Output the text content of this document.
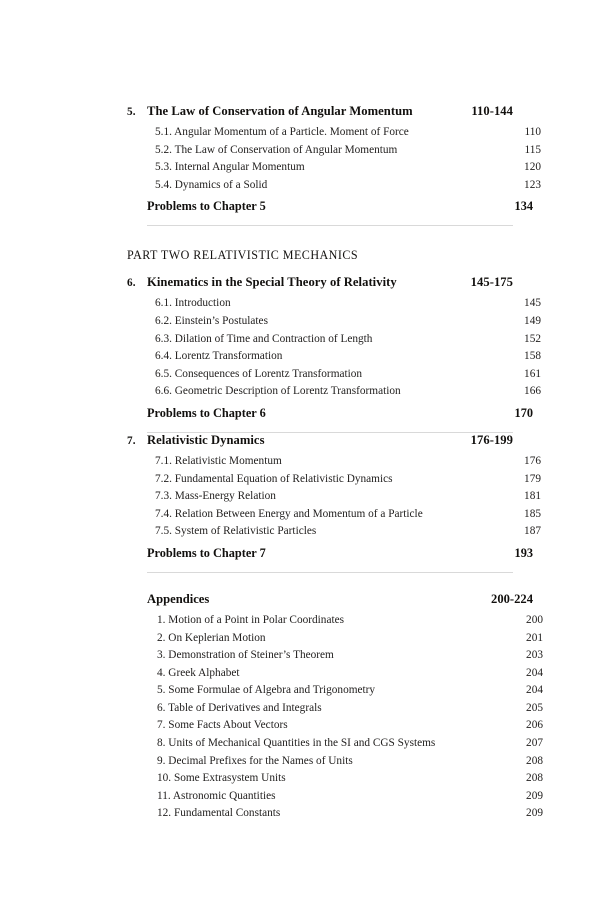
5. The Law of Conservation of Angular Momentum	110-144
5.1. Angular Momentum of a Particle. Moment of Force	110
5.2. The Law of Conservation of Angular Momentum	115
5.3. Internal Angular Momentum	120
5.4. Dynamics of a Solid	123
Problems to Chapter 5	134
PART TWO RELATIVISTIC MECHANICS
6. Kinematics in the Special Theory of Relativity	145-175
6.1. Introduction	145
6.2. Einstein’s Postulates	149
6.3. Dilation of Time and Contraction of Length	152
6.4. Lorentz Transformation	158
6.5. Consequences of Lorentz Transformation	161
6.6. Geometric Description of Lorentz Transformation	166
Problems to Chapter 6	170
7. Relativistic Dynamics	176-199
7.1. Relativistic Momentum	176
7.2. Fundamental Equation of Relativistic Dynamics	179
7.3. Mass-Energy Relation	181
7.4. Relation Between Energy and Momentum of a Particle	185
7.5. System of Relativistic Particles	187
Problems to Chapter 7	193
Appendices	200-224
1. Motion of a Point in Polar Coordinates	200
2. On Keplerian Motion	201
3. Demonstration of Steiner’s Theorem	203
4. Greek Alphabet	204
5. Some Formulae of Algebra and Trigonometry	204
6. Table of Derivatives and Integrals	205
7. Some Facts About Vectors	206
8. Units of Mechanical Quantities in the SI and CGS Systems	207
9. Decimal Prefixes for the Names of Units	208
10. Some Extrasystem Units	208
11. Astronomic Quantities	209
12. Fundamental Constants	209
